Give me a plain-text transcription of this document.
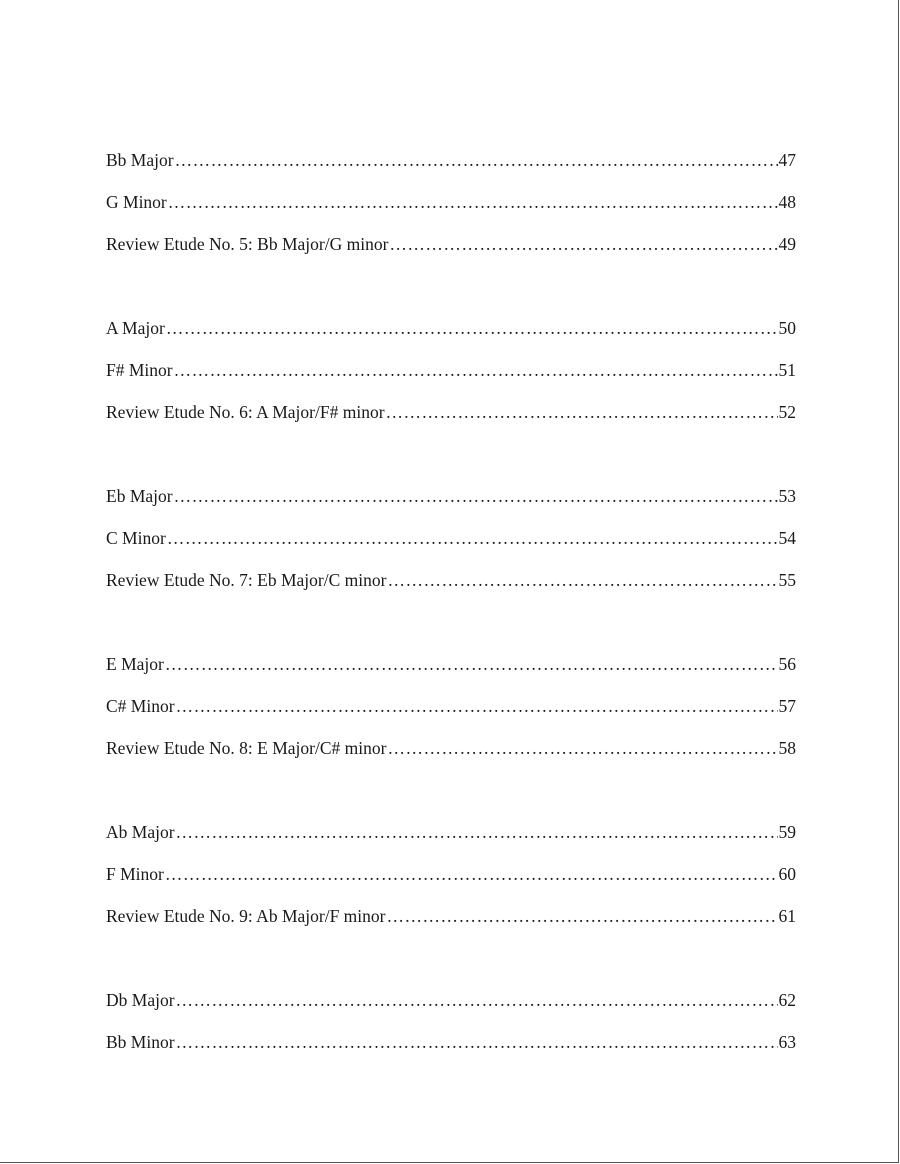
Bb Major ………………………………………………………………………………………………………………………………………………………………	47
G Minor ………………………………………………………………………………………………………………………………………………………………	48
Review Etude No. 5: Bb Major/G minor ………………………………………………………………………………………………………………………………………………………………	49
A Major ………………………………………………………………………………………………………………………………………………………………	50
F# Minor ………………………………………………………………………………………………………………………………………………………………	51
Review Etude No. 6: A Major/F# minor ………………………………………………………………………………………………………………………………………………………………	52
Eb Major ………………………………………………………………………………………………………………………………………………………………	53
C Minor ………………………………………………………………………………………………………………………………………………………………	54
Review Etude No. 7: Eb Major/C minor ………………………………………………………………………………………………………………………………………………………………	55
E Major ………………………………………………………………………………………………………………………………………………………………	56
C# Minor ………………………………………………………………………………………………………………………………………………………………	57
Review Etude No. 8: E Major/C# minor ………………………………………………………………………………………………………………………………………………………………	58
Ab Major ………………………………………………………………………………………………………………………………………………………………	59
F Minor ………………………………………………………………………………………………………………………………………………………………	60
Review Etude No. 9: Ab Major/F minor ………………………………………………………………………………………………………………………………………………………………	61
Db Major ………………………………………………………………………………………………………………………………………………………………	62
Bb Minor ………………………………………………………………………………………………………………………………………………………………	63
